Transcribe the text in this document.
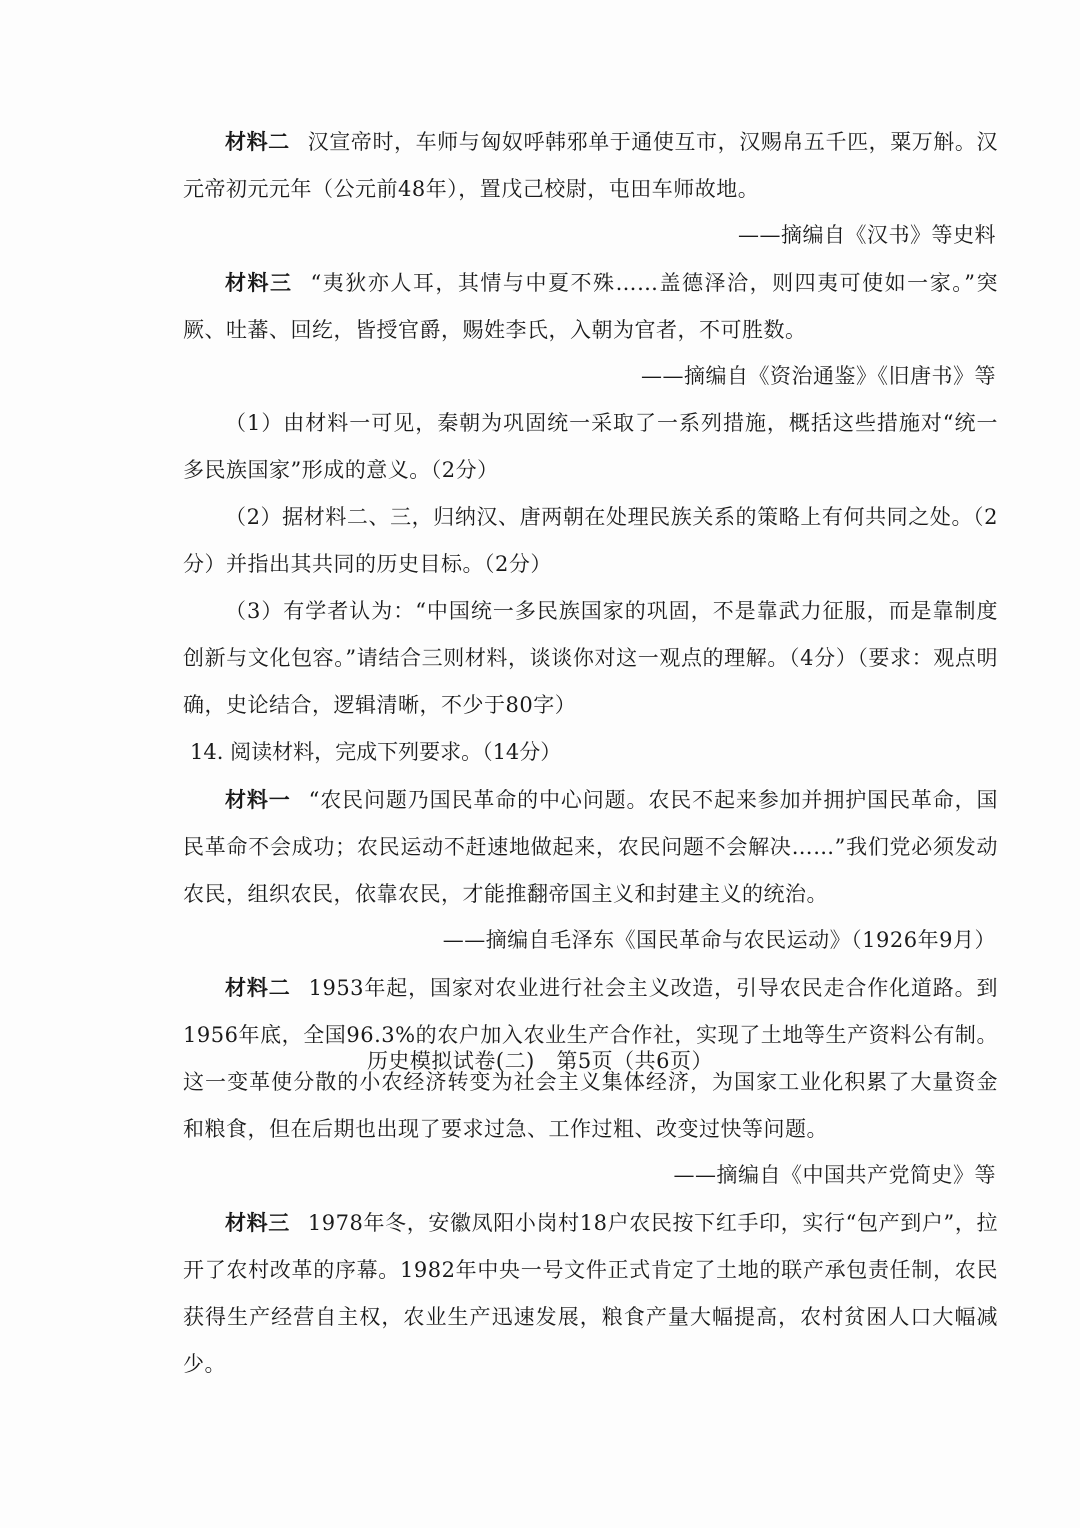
材料二 汉宣帝时，车师与匈奴呼韩邪单于通使互市，汉赐帛五千匹，粟万斛。汉元帝初元元年（公元前48年），置戊己校尉，屯田车师故地。

——摘编自《汉书》等史料

材料三 “夷狄亦人耳，其情与中夏不殊……盖德泽洽，则四夷可使如一家。”突厥、吐蕃、回纥，皆授官爵，赐姓李氏，入朝为官者，不可胜数。

——摘编自《资治通鉴》《旧唐书》等

（1）由材料一可见，秦朝为巩固统一采取了一系列措施，概括这些措施对“统一多民族国家”形成的意义。（2分）

（2）据材料二、三，归纳汉、唐两朝在处理民族关系的策略上有何共同之处。（2分）并指出其共同的历史目标。（2分）

（3）有学者认为：“中国统一多民族国家的巩固，不是靠武力征服，而是靠制度创新与文化包容。”请结合三则材料，谈谈你对这一观点的理解。（4分）（要求：观点明确，史论结合，逻辑清晰，不少于80字）

14. 阅读材料，完成下列要求。（14分）

材料一 “农民问题乃国民革命的中心问题。农民不起来参加并拥护国民革命，国民革命不会成功；农民运动不赶速地做起来，农民问题不会解决……”我们党必须发动农民，组织农民，依靠农民，才能推翻帝国主义和封建主义的统治。

——摘编自毛泽东《国民革命与农民运动》（1926年9月）

材料二 1953年起，国家对农业进行社会主义改造，引导农民走合作化道路。到1956年底，全国96.3%的农户加入农业生产合作社，实现了土地等生产资料公有制。这一变革使分散的小农经济转变为社会主义集体经济，为国家工业化积累了大量资金和粮食，但在后期也出现了要求过急、工作过粗、改变过快等问题。

——摘编自《中国共产党简史》等

材料三 1978年冬，安徽凤阳小岗村18户农民按下红手印，实行“包产到户”，拉开了农村改革的序幕。1982年中央一号文件正式肯定了土地的联产承包责任制，农民获得生产经营自主权，农业生产迅速发展，粮食产量大幅提高，农村贫困人口大幅减少。

历史模拟试卷(二)　第5页（共6页）
